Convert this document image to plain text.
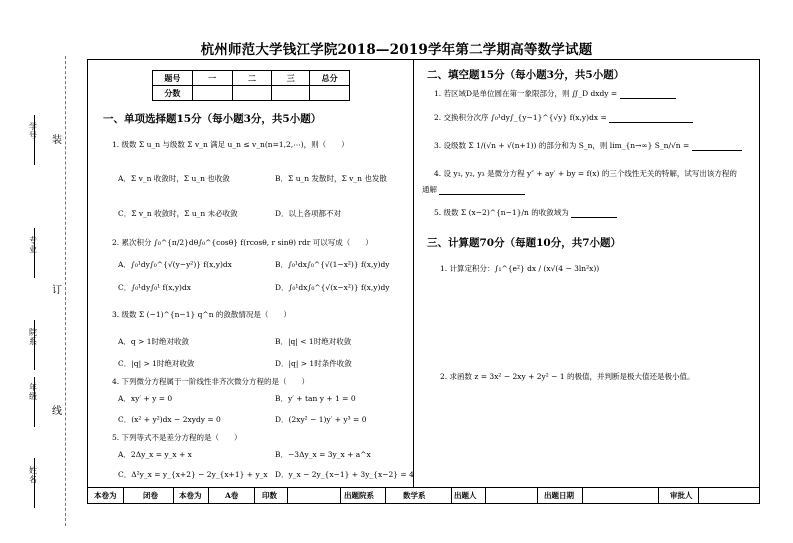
杭州师范大学钱江学院2018—2019学年第二学期高等数学试题
学号
专业
院系
年级
姓名
装
订
线
题号	一	二	三	总分
分数				
一、单项选择题15分（每小题3分，共5小题）
1. 级数 Σ u_n 与级数 Σ v_n 满足 u_n ≤ v_n(n=1,2,⋯)，则（　　）
A．Σ v_n 收敛时，Σ u_n 也收敛	B．Σ u_n 发散时，Σ v_n 也发散
C．Σ v_n 收敛时，Σ u_n 未必收敛	D．以上各项都不对
2. 累次积分 ∫₀^{π/2}dθ∫₀^{cosθ} f(rcosθ, r sinθ) rdr 可以写成（　　）
A．∫₀¹dy∫₀^{√(y−y²)} f(x,y)dx	B．∫₀¹dx∫₀^{√(1−x²)} f(x,y)dy
C．∫₀¹dy∫₀¹ f(x,y)dx	D．∫₀¹dx∫₀^{√(x−x²)} f(x,y)dy
3. 级数 Σ (−1)^{n−1} q^n 的敛散情况是（　　）
A．q > 1时绝对收敛	B．|q| < 1时绝对收敛
C．|q| > 1时绝对收敛	D．|q| > 1时条件收敛
4. 下列微分方程属于一阶线性非齐次微分方程的是（　　）
A．xy′ + y = 0	B．y′ + tan y + 1 = 0
C．(x² + y²)dx − 2xydy = 0	D．(2xy² − 1)y′ + y³ = 0
5. 下列等式不是差分方程的是（　　）
A．2Δy_x = y_x + x	B．−3Δy_x = 3y_x + a^x
C．Δ²y_x = y_{x+2} − 2y_{x+1} + y_x D．y_x − 2y_{x−1} + 3y_{x−2} = 4
二、填空题15分（每小题3分，共5小题）
1. 若区域D是单位圆在第一象限部分，则 ∬_D dxdy =
2. 交换积分次序 ∫₀¹dy∫_{y−1}^{√y} f(x,y)dx =
3. 设级数 Σ 1/(√n + √(n+1)) 的部分和为 S_n，则 lim_{n→∞} S_n/√n =
4. 设 y₁, y₂, y₃ 是微分方程 y″ + ay′ + by = f(x) 的三个线性无关的特解，试写出该方程的
通解
5. 级数 Σ (x−2)^{n−1}/n 的收敛域为
三、计算题70分（每题10分，共7小题）
1. 计算定积分：∫₁^{e²} dx / (x√(4 − 3ln²x))
2. 求函数 z = 3x² − 2xy + 2y² − 1 的极值，并判断是极大值还是极小值。
本卷为	闭卷	本卷为	A卷	印数	出题院系	数学系	出题人	出题日期	审批人
